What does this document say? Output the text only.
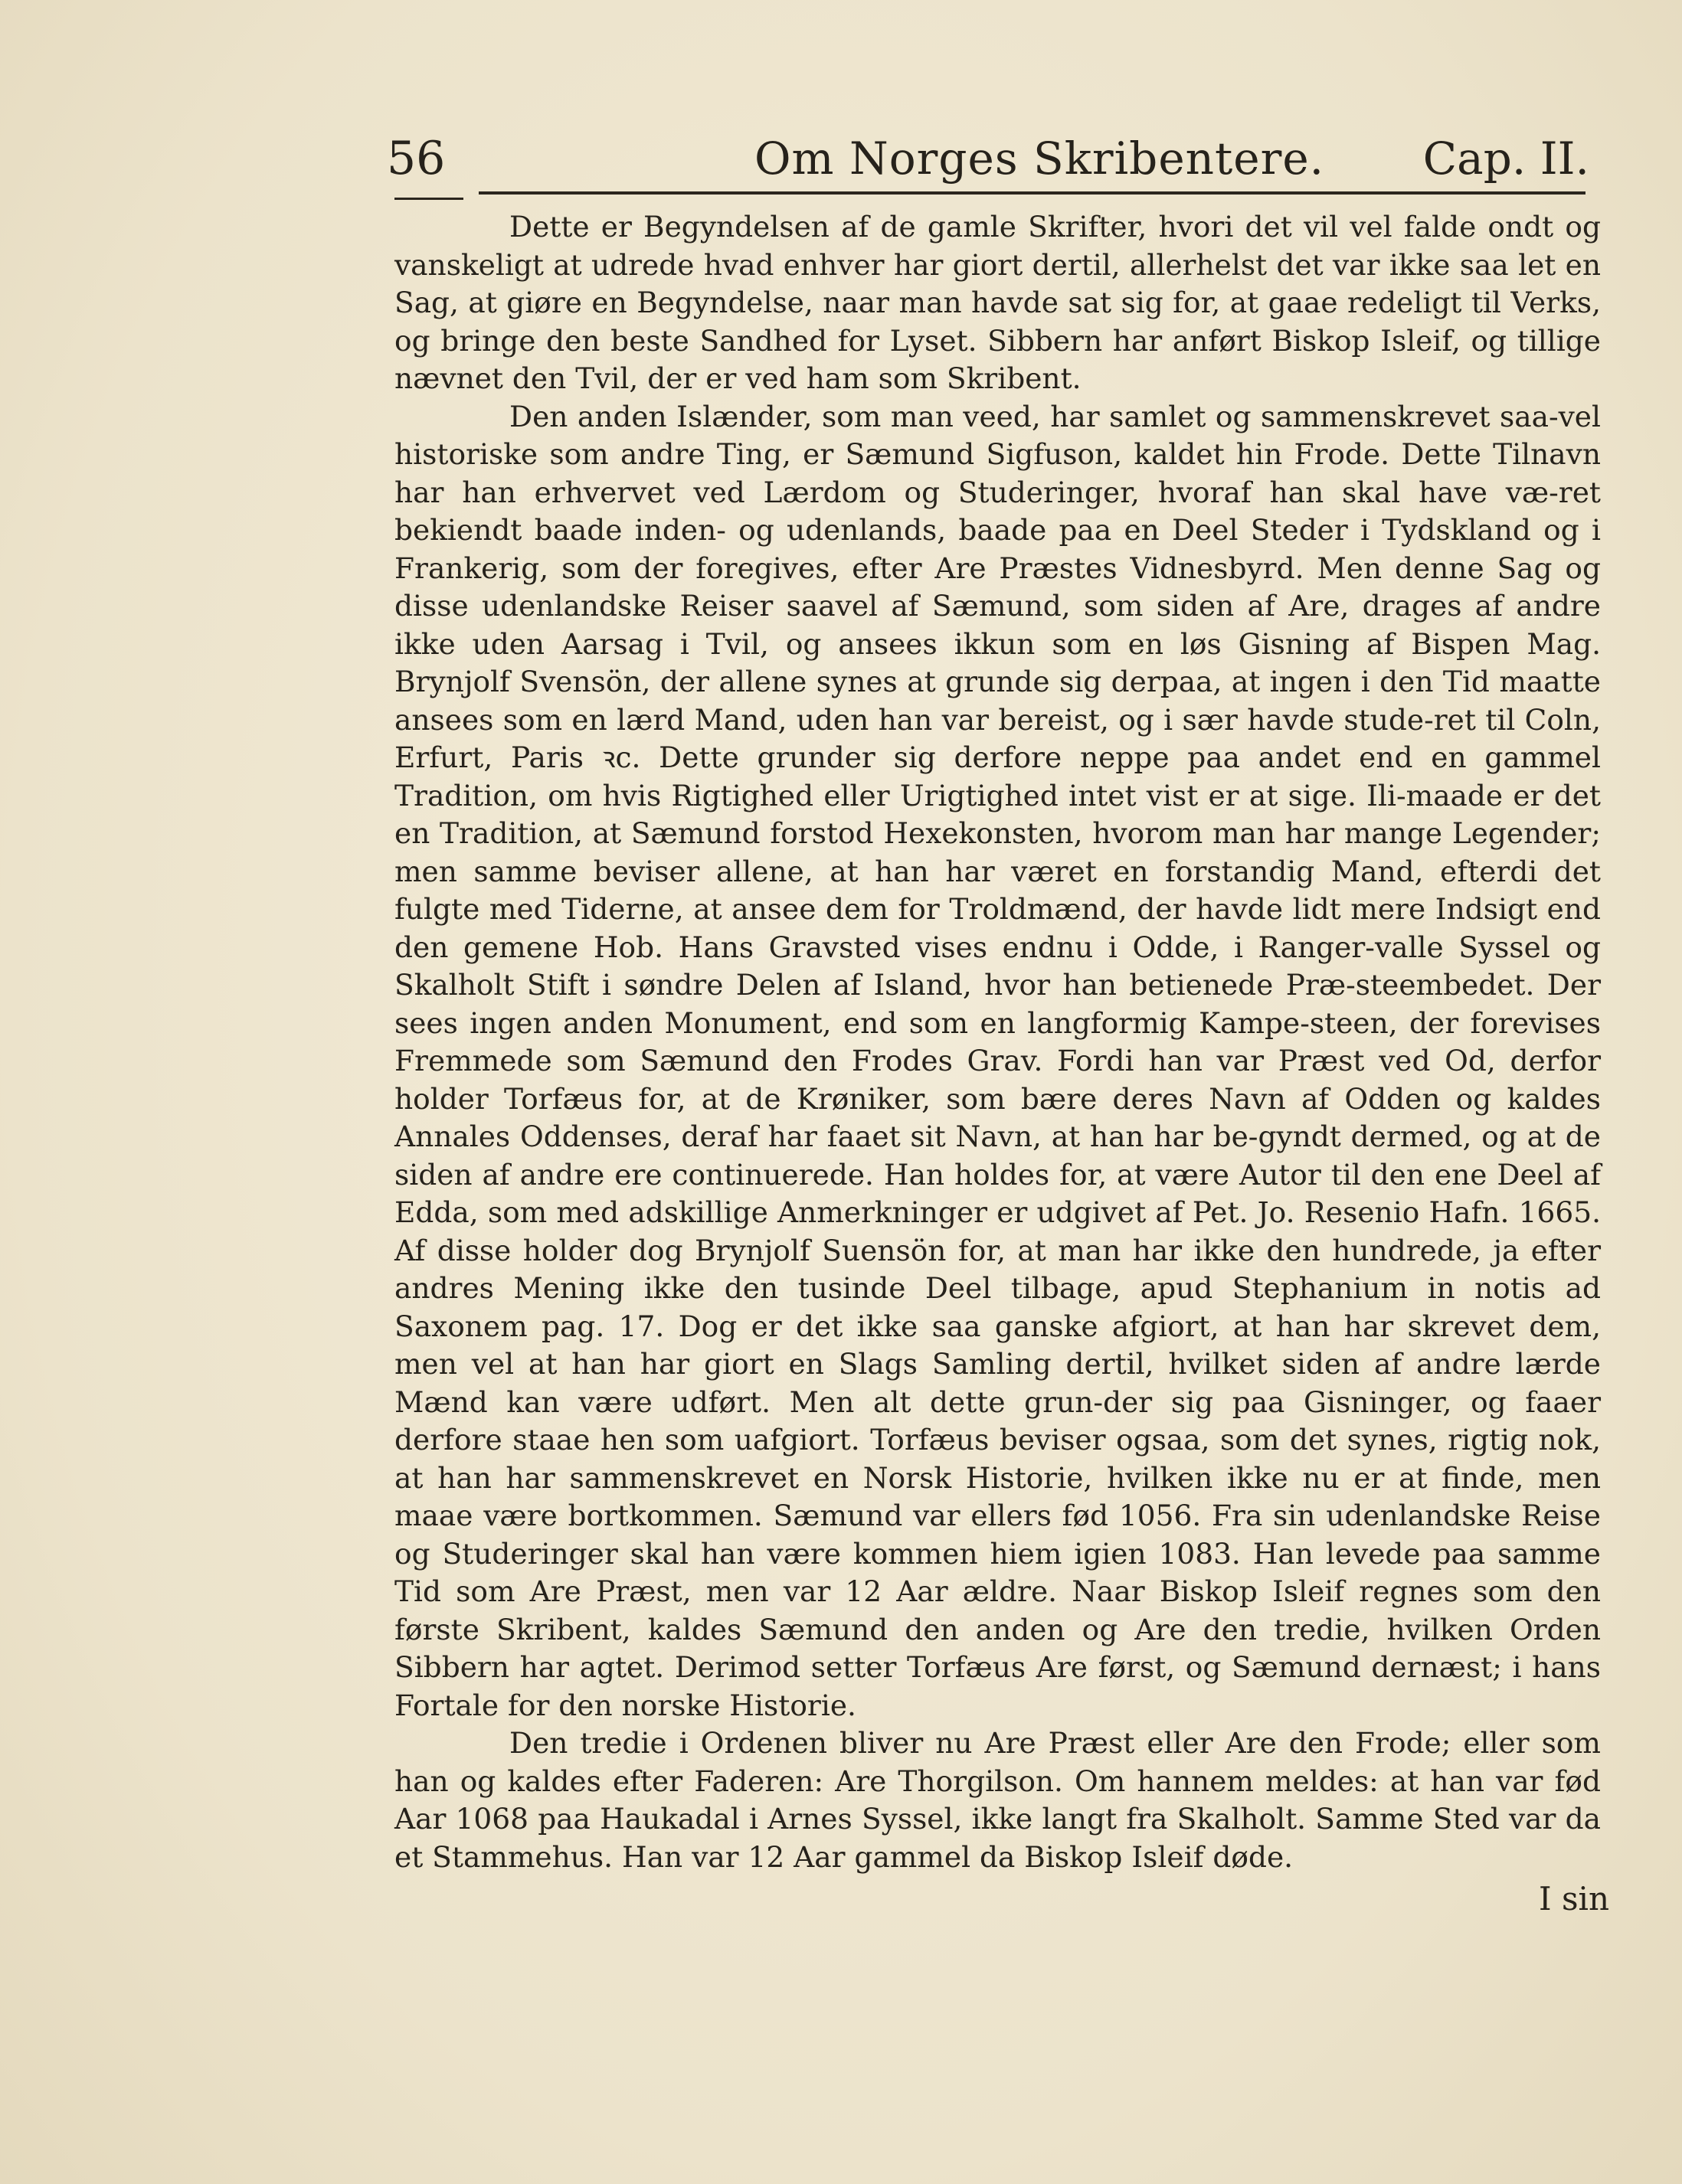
56	Om Norges Skribentere. Cap. II.

Dette er Begyndelsen af de gamle Skrifter, hvori det vil vel falde ondt og vanskeligt at udrede hvad enhver har giort dertil, allerhelst det var ikke saa let en Sag, at giøre en Begyndelse, naar man havde sat sig for, at gaae redeligt til Verks, og bringe den beste Sandhed for Lyset. Sibbern har anført Biskop Isleif, og tillige nævnet den Tvil, der er ved ham som Skribent.

Den anden Islænder, som man veed, har samlet og sammenskrevet saa-vel historiske som andre Ting, er Sæmund Sigfuson, kaldet hin Frode. Dette Tilnavn har han erhvervet ved Lærdom og Studeringer, hvoraf han skal have væ-ret bekiendt baade inden- og udenlands, baade paa en Deel Steder i Tydskland og i Frankerig, som der foregives, efter Are Præstes Vidnesbyrd. Men denne Sag og disse udenlandske Reiser saavel af Sæmund, som siden af Are, drages af andre ikke uden Aarsag i Tvil, og ansees ikkun som en løs Gisning af Bispen Mag. Brynjolf Svensön, der allene synes at grunde sig derpaa, at ingen i den Tid maatte ansees som en lærd Mand, uden han var bereist, og i sær havde stude-ret til Coln, Erfurt, Paris ꝛc. Dette grunder sig derfore neppe paa andet end en gammel Tradition, om hvis Rigtighed eller Urigtighed intet vist er at sige. Ili-maade er det en Tradition, at Sæmund forstod Hexekonsten, hvorom man har mange Legender; men samme beviser allene, at han har været en forstandig Mand, efterdi det fulgte med Tiderne, at ansee dem for Troldmænd, der havde lidt mere Indsigt end den gemene Hob. Hans Gravsted vises endnu i Odde, i Ranger-valle Syssel og Skalholt Stift i søndre Delen af Island, hvor han betienede Præ-steembedet. Der sees ingen anden Monument, end som en langformig Kampe-steen, der forevises Fremmede som Sæmund den Frodes Grav. Fordi han var Præst ved Od, derfor holder Torfæus for, at de Krøniker, som bære deres Navn af Odden og kaldes Annales Oddenses, deraf har faaet sit Navn, at han har be-gyndt dermed, og at de siden af andre ere continuerede. Han holdes for, at være Autor til den ene Deel af Edda, som med adskillige Anmerkninger er udgivet af Pet. Jo. Resenio Hafn. 1665. Af disse holder dog Brynjolf Suensön for, at man har ikke den hundrede, ja efter andres Mening ikke den tusinde Deel tilbage, apud Stephanium in notis ad Saxonem pag. 17. Dog er det ikke saa ganske afgiort, at han har skrevet dem, men vel at han har giort en Slags Samling dertil, hvilket siden af andre lærde Mænd kan være udført. Men alt dette grun-der sig paa Gisninger, og faaer derfore staae hen som uafgiort. Torfæus beviser ogsaa, som det synes, rigtig nok, at han har sammenskrevet en Norsk Historie, hvilken ikke nu er at finde, men maae være bortkommen. Sæmund var ellers fød 1056. Fra sin udenlandske Reise og Studeringer skal han være kommen hiem igien 1083. Han levede paa samme Tid som Are Præst, men var 12 Aar ældre. Naar Biskop Isleif regnes som den første Skribent, kaldes Sæmund den anden og Are den tredie, hvilken Orden Sibbern har agtet. Derimod setter Torfæus Are først, og Sæmund dernæst; i hans Fortale for den norske Historie.

Den tredie i Ordenen bliver nu Are Præst eller Are den Frode; eller som han og kaldes efter Faderen: Are Thorgilson. Om hannem meldes: at han var fød Aar 1068 paa Haukadal i Arnes Syssel, ikke langt fra Skalholt. Samme Sted var da et Stammehus. Han var 12 Aar gammel da Biskop Isleif døde.

I sin
